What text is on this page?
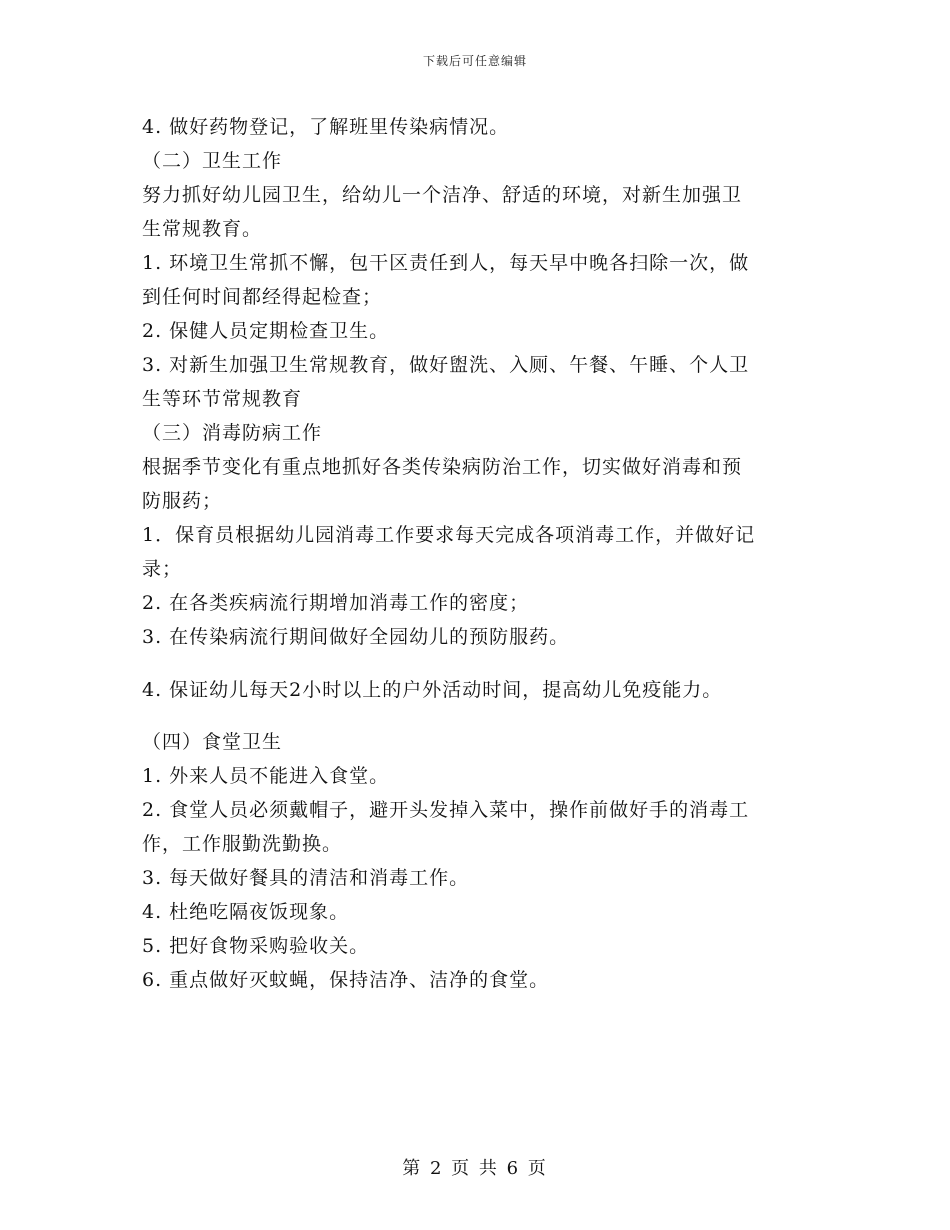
下载后可任意编辑
4. 做好药物登记，了解班里传染病情况。
（二）卫生工作
努力抓好幼儿园卫生，给幼儿一个洁净、舒适的环境，对新生加强卫
生常规教育。
1. 环境卫生常抓不懈，包干区责任到人，每天早中晚各扫除一次，做
到任何时间都经得起检查；
2. 保健人员定期检查卫生。
3. 对新生加强卫生常规教育，做好盥洗、入厕、午餐、午睡、个人卫
生等环节常规教育
（三）消毒防病工作
根据季节变化有重点地抓好各类传染病防治工作，切实做好消毒和预
防服药；
1．保育员根据幼儿园消毒工作要求每天完成各项消毒工作，并做好记
录；
2. 在各类疾病流行期增加消毒工作的密度；
3. 在传染病流行期间做好全园幼儿的预防服药。
4. 保证幼儿每天2小时以上的户外活动时间，提高幼儿免疫能力。
（四）食堂卫生
1. 外来人员不能进入食堂。
2. 食堂人员必须戴帽子，避开头发掉入菜中，操作前做好手的消毒工
作，工作服勤洗勤换。
3. 每天做好餐具的清洁和消毒工作。
4. 杜绝吃隔夜饭现象。
5. 把好食物采购验收关。
6. 重点做好灭蚊蝇，保持洁净、洁净的食堂。
第 2 页 共 6 页
